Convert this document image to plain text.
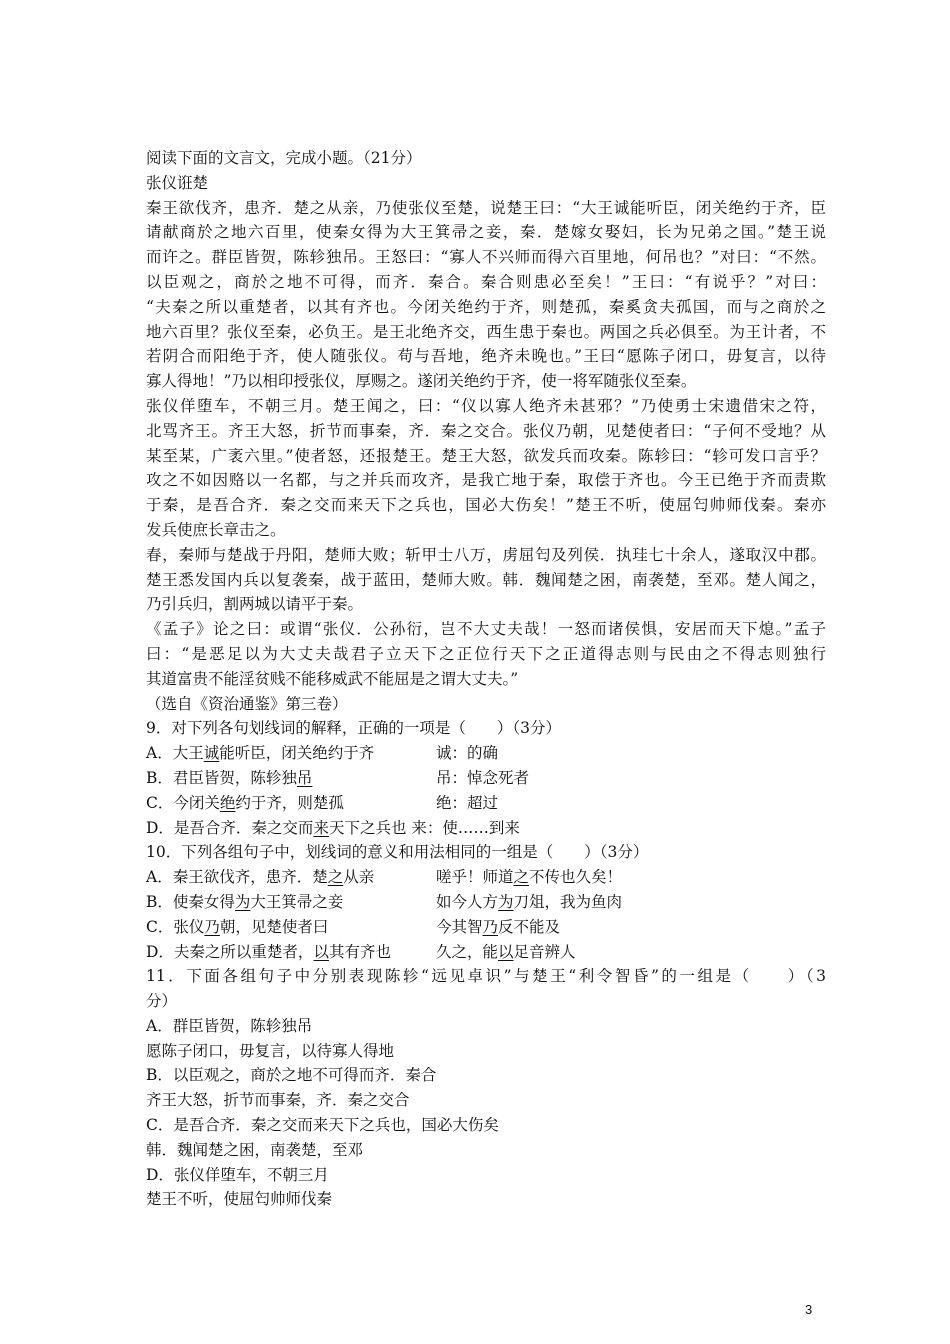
阅读下面的文言文，完成小题。（21分）
张仪诳楚
秦王欲伐齐，患齐．楚之从亲，乃使张仪至楚，说楚王曰：“大王诚能听臣，闭关绝约于齐，臣
请献商於之地六百里，使秦女得为大王箕帚之妾，秦．楚嫁女娶妇，长为兄弟之国。”楚王说
而许之。群臣皆贺，陈轸独吊。王怒曰：“寡人不兴师而得六百里地，何吊也？”对曰：“不然。
以臣观之，商於之地不可得，而齐．秦合。秦合则患必至矣！”王曰：“有说乎？”对曰：
“夫秦之所以重楚者，以其有齐也。今闭关绝约于齐，则楚孤，秦奚贪夫孤国，而与之商於之
地六百里？张仪至秦，必负王。是王北绝齐交，西生患于秦也。两国之兵必俱至。为王计者，不
若阴合而阳绝于齐，使人随张仪。苟与吾地，绝齐未晚也。”王曰“愿陈子闭口，毋复言，以待
寡人得地！”乃以相印授张仪，厚赐之。遂闭关绝约于齐，使一将军随张仪至秦。
张仪佯堕车，不朝三月。楚王闻之，曰：“仪以寡人绝齐未甚邪？”乃使勇士宋遗借宋之符，
北骂齐王。齐王大怒，折节而事秦，齐．秦之交合。张仪乃朝，见楚使者曰：“子何不受地？从
某至某，广袤六里。”使者怒，还报楚王。楚王大怒，欲发兵而攻秦。陈轸曰：“轸可发口言乎？
攻之不如因赂以一名都，与之并兵而攻齐，是我亡地于秦，取偿于齐也。今王已绝于齐而责欺
于秦，是吾合齐．秦之交而来天下之兵也，国必大伤矣！”楚王不听，使屈匄帅师伐秦。秦亦
发兵使庶长章击之。
春，秦师与楚战于丹阳，楚师大败；斩甲士八万，虏屈匄及列侯．执珪七十余人，遂取汉中郡。
楚王悉发国内兵以复袭秦，战于蓝田，楚师大败。韩．魏闻楚之困，南袭楚，至邓。楚人闻之，
乃引兵归，割两城以请平于秦。
《孟子》论之曰：或谓“张仪．公孙衍，岂不大丈夫哉！一怒而诸侯惧，安居而天下熄。”孟子
曰：“是恶足以为大丈夫哉君子立天下之正位行天下之正道得志则与民由之不得志则独行
其道富贵不能淫贫贱不能移威武不能屈是之谓大丈夫。”
（选自《资治通鉴》第三卷）
9．对下列各句划线词的解释，正确的一项是（　　）（3分）
A．大王诚能听臣，闭关绝约于齐	诚：的确
B．君臣皆贺，陈轸独吊	吊：悼念死者
C．今闭关绝约于齐，则楚孤	绝：超过
D．是吾合齐．秦之交而来天下之兵也 来：使……到来
10．下列各组句子中，划线词的意义和用法相同的一组是（　　）（3分）
A．秦王欲伐齐，患齐．楚之从亲	嗟乎！师道之不传也久矣！
B．使秦女得为大王箕帚之妾	如今人方为刀俎，我为鱼肉
C．张仪乃朝，见楚使者曰	今其智乃反不能及
D．夫秦之所以重楚者，以其有齐也	久之，能以足音辨人
11．下面各组句子中分别表现陈轸“远见卓识”与楚王“利令智昏”的一组是（　　）（3
分）
A．群臣皆贺，陈轸独吊
愿陈子闭口，毋复言，以待寡人得地
B．以臣观之，商於之地不可得而齐．秦合
齐王大怒，折节而事秦，齐．秦之交合
C．是吾合齐．秦之交而来天下之兵也，国必大伤矣
韩．魏闻楚之困，南袭楚，至邓
D．张仪佯堕车，不朝三月
楚王不听，使屈匄帅师伐秦
3
